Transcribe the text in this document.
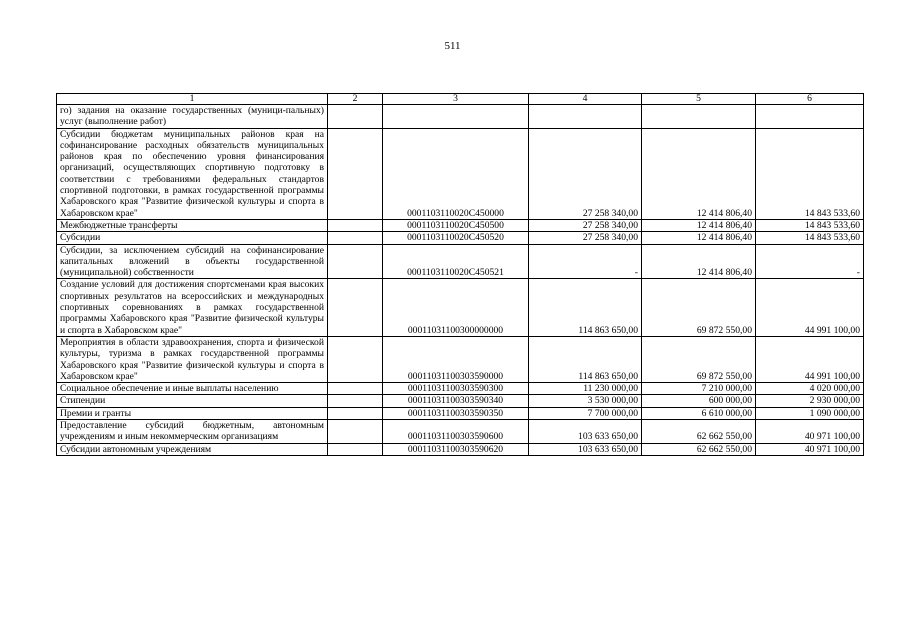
511
1	2	3	4	5	6
го) задания на оказание государственных (муници-пальных) услуг (выполнение работ)					
Субсидии бюджетам муниципальных районов края на софинансирование расходных обязательств муниципальных районов края по обеспечению уровня финансирования организаций, осуществляющих спортивную подготовку в соответствии с требованиями федеральных стандартов спортивной подготовки, в рамках государственной программы Хабаровского края "Развитие физической культуры и спорта в Хабаровском крае"		0001103110020C450000	27 258 340,00	12 414 806,40	14 843 533,60
Межбюджетные трансферты		0001103110020C450500	27 258 340,00	12 414 806,40	14 843 533,60
Субсидии		0001103110020C450520	27 258 340,00	12 414 806,40	14 843 533,60
Субсидии, за исключением субсидий на софинансирование капитальных вложений в объекты государственной (муниципальной) собственности		0001103110020C450521	-	12 414 806,40	-
Создание условий для достижения спортсменами края высоких спортивных результатов на всероссийских и международных спортивных соревнованиях в рамках государственной программы Хабаровского края "Развитие физической культуры и спорта в Хабаровском крае"		00011031100300000000	114 863 650,00	69 872 550,00	44 991 100,00
Мероприятия в области здравоохранения, спорта и физической культуры, туризма в рамках государственной программы Хабаровского края "Развитие физической культуры и спорта в Хабаровском крае"		00011031100303590000	114 863 650,00	69 872 550,00	44 991 100,00
Социальное обеспечение и иные выплаты населению		00011031100303590300	11 230 000,00	7 210 000,00	4 020 000,00
Стипендии		00011031100303590340	3 530 000,00	600 000,00	2 930 000,00
Премии и гранты		00011031100303590350	7 700 000,00	6 610 000,00	1 090 000,00
Предоставление субсидий бюджетным, автономным учреждениям и иным некоммерческим организациям		00011031100303590600	103 633 650,00	62 662 550,00	40 971 100,00
Субсидии автономным учреждениям		00011031100303590620	103 633 650,00	62 662 550,00	40 971 100,00
